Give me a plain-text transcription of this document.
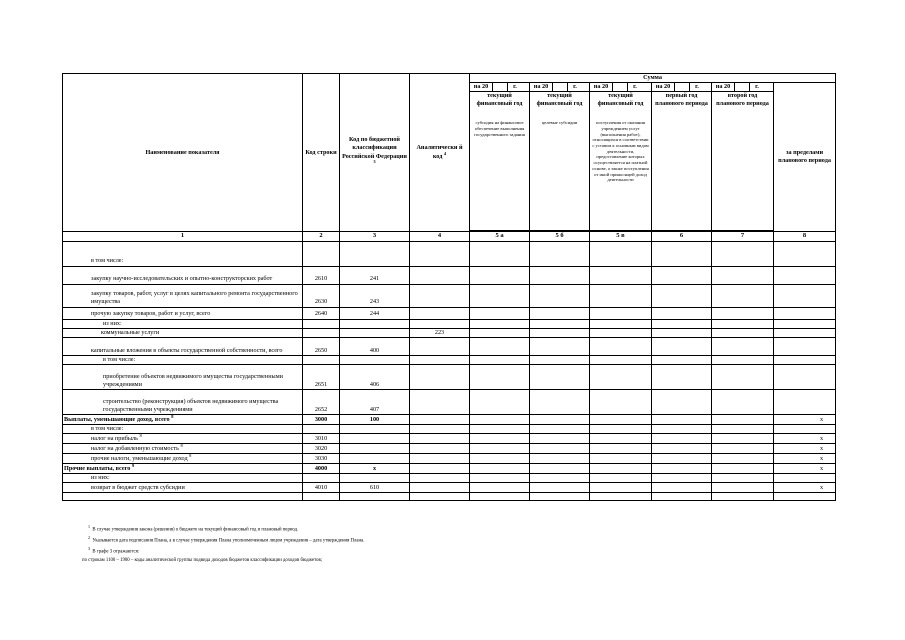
Наименование показателя	Код строки	Код по бюджетной классификации Российской Федерации $^3$	Аналитически й код $^4$	Сумма					

				на 20 г.	на 20 г.	на 20 г.	на 20 г.	на 20 г.	за пределами планового периода
				текущий финансовый год	текущий финансовый год	текущий финансовый год	первый год планового периода	второй год планового периода	
				субсидия на финансовое обеспечение выполнения государственного задания	целевые субсидии	поступления от оказания учреждением услуг (выполнения работ), относящихся в соответствии с уставом к основным видам деятельности, предоставление которых осуществляется на платной основе, а также поступления от иной приносящей доход деятельности			

1	2	3	4	5 а	5 б	5 в	6	7	8
в том числе:									
закупку научно-исследовательских и опытно-конструкторских работ	2610	241							
закупку товаров, работ, услуг в целях капитального ремонта государственного имущества	2630	243							
прочую закупку товаров, работ и услуг, всего	2640	244							
из них:									
коммунальные услуги			223						
капитальные вложения в объекты государственной собственности, всего	2650	400							
в том числе:									
приобретение объектов недвижимого имущества государственными учреждениями	2651	406							
строительство (реконструкция) объектов недвижимого имущества государственными учреждениями	2652	407							
Выплаты, уменьшающие доход, всего $^8$	3000	100							х
в том числе:									
налог на прибыль $^8$	3010								х
налог на добавленную стоимость $^8$	3020								х
прочие налоги, уменьшающие доход $^8$	3030								х
Прочие выплаты, всего $^9$	4000	х							х
из них:									
возврат в бюджет средств субсидии	4010	610							х

$^1$  В случае утверждения закона (решения) о бюджете на текущий финансовый год и плановый период.
$^2$  Указывается дата подписания Плана, а в случае утверждения Плана уполномоченным лицом учреждения – дата утверждения Плана.
$^3$  В графе 3 отражаются:
по строкам 1100 – 1900 – коды аналитической группы подвида доходов бюджетов классификации доходов бюджетов;
